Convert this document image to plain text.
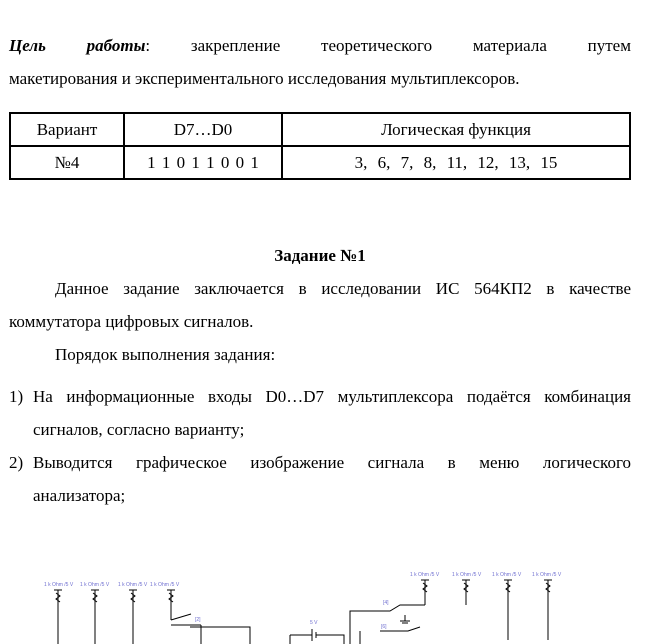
Цель работы: закрепление теоретического материала путем
макетирования и экспериментального исследования мультиплексоров.
Вариант	D7…D0	Логическая функция
№4	1 1 0 1 1 0 0 1	3, 6, 7, 8, 11, 12, 13, 15
Задание №1
Данное задание заключается в исследовании ИС 564КП2 в качестве
коммутатора цифровых сигналов.
Порядок выполнения задания:
1) На информационные входы D0…D7 мультиплексора подаётся комбинация
сигналов, согласно варианту;
2) Выводится графическое изображение сигнала в меню логического
анализатора;
1 k Ohm /5 V 1 k Ohm /5 V 1 k Ohm /5 V 1 k Ohm /5 V
1 k Ohm /5 V	1 k Ohm /5 V 1 k Ohm /5 V 1 k Ohm /5 V
5 V
[2]
[4]
[6]
